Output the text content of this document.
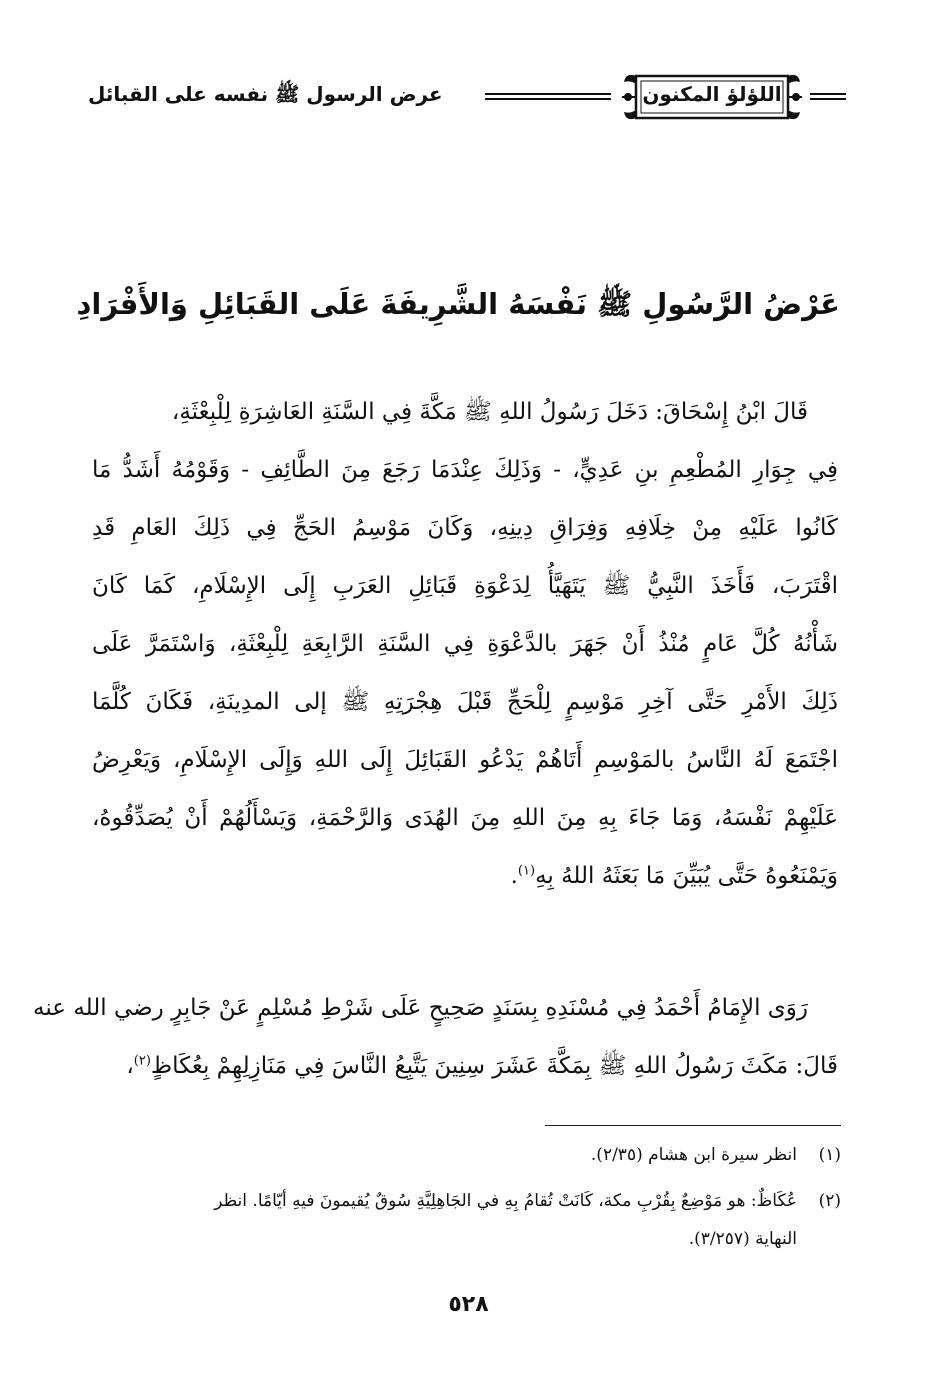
اللؤلؤ المكنون
عرض الرسول ﷺ نفسه على القبائل
عَرْضُ الرَّسُولِ ﷺ نَفْسَهُ الشَّرِيفَةَ عَلَى القَبَائِلِ وَالأَفْرَادِ
قَالَ ابْنُ إِسْحَاقَ: دَخَلَ رَسُولُ اللهِ ﷺ مَكَّةَ فِي السَّنَةِ العَاشِرَةِ لِلْبِعْثَةِ،
فِي جِوَارِ المُطْعِمِ بنِ عَدِيٍّ، - وَذَلِكَ عِنْدَمَا رَجَعَ مِنَ الطَّائِفِ - وَقَوْمُهُ أَشَدُّ مَا
كَانُوا عَلَيْهِ مِنْ خِلَافِهِ وَفِرَاقِ دِينِهِ، وَكَانَ مَوْسِمُ الحَجِّ فِي ذَلِكَ العَامِ قَدِ
اقْتَرَبَ، فَأَخَذَ النَّبِيُّ ﷺ يَتَهَيَّأُ لِدَعْوَةِ قَبَائِلِ العَرَبِ إِلَى الإِسْلَامِ، كَمَا كَانَ
شَأْنُهُ كُلَّ عَامٍ مُنْذُ أَنْ جَهَرَ بالدَّعْوَةِ فِي السَّنَةِ الرَّابِعَةِ لِلْبِعْثَةِ، وَاسْتَمَرَّ عَلَى
ذَلِكَ الأَمْرِ حَتَّى آخِرِ مَوْسِمٍ لِلْحَجِّ قَبْلَ هِجْرَتِهِ ﷺ إلى المدِينَةِ، فَكَانَ كُلَّمَا
اجْتَمَعَ لَهُ النَّاسُ بالمَوْسِمِ أَتَاهُمْ يَدْعُو القَبَائِلَ إِلَى اللهِ وَإِلَى الإِسْلَامِ، وَيَعْرِضُ
عَلَيْهِمْ نَفْسَهُ، وَمَا جَاءَ بِهِ مِنَ اللهِ مِنَ الهُدَى وَالرَّحْمَةِ، وَيَسْأَلُهُمْ أَنْ يُصَدِّقُوهُ،
وَيَمْنَعُوهُ حَتَّى يُبَيِّنَ مَا بَعَثَهُ اللهُ بِهِ$^{(١)}$.
رَوَى الإِمَامُ أَحْمَدُ فِي مُسْنَدِهِ بِسَنَدٍ صَحِيحٍ عَلَى شَرْطِ مُسْلِمٍ عَنْ جَابِرٍ رضي الله عنه
قَالَ: مَكَثَ رَسُولُ اللهِ ﷺ بِمَكَّةَ عَشَرَ سِنِينَ يَتَّبِعُ النَّاسَ فِي مَنَازِلِهِمْ بِعُكَاظٍ$^{(٢)}$،
(١)انظر سيرة ابن هشام (٢/٣٥).
(٢)عُكَاظٌ: هو مَوْضِعٌ بِقُرْبِ مكة، كَانَتْ تُقامُ بِهِ في الجَاهِلِيَّةِ سُوقٌ يُقيمونَ فيهِ أيّامًا. انظر
النهاية (٣/٢٥٧).
٥٢٨
